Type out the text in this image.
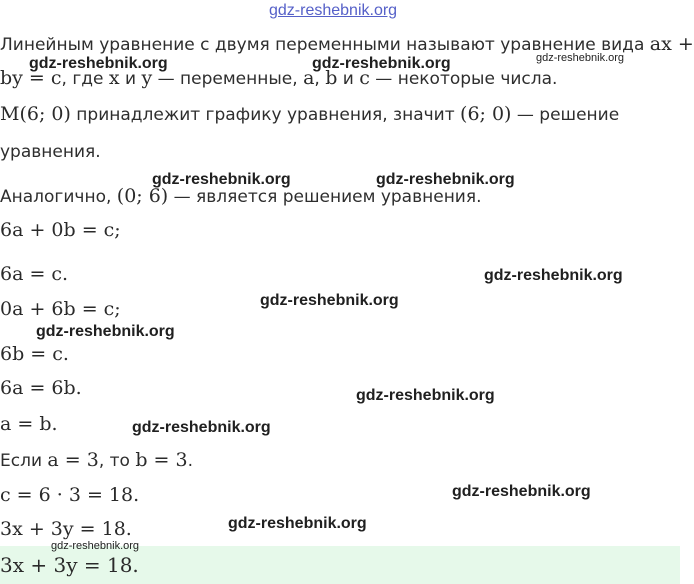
gdz-reshebnik.org
Линейным уравнение с двумя переменными называют уравнение вида ax +
by = c, где x и y — переменные, a, b и c — некоторые числа.
M(6; 0) принадлежит графику уравнения, значит (6; 0) — решение
уравнения.
Аналогично, (0; 6) — является решением уравнения.
6a + 0b = c;
6a = c.
0a + 6b = c;
6b = c.
6a = 6b.
a = b.
Если a = 3, то b = 3.
c = 6 · 3 = 18.
3x + 3y = 18.
3x + 3y = 18.
gdz-reshebnik.org	gdz-reshebnik.org	gdz-reshebnik.org
gdz-reshebnik.org	gdz-reshebnik.org
gdz-reshebnik.org
gdz-reshebnik.org
gdz-reshebnik.org
gdz-reshebnik.org
gdz-reshebnik.org
gdz-reshebnik.org
gdz-reshebnik.org
gdz-reshebnik.org
